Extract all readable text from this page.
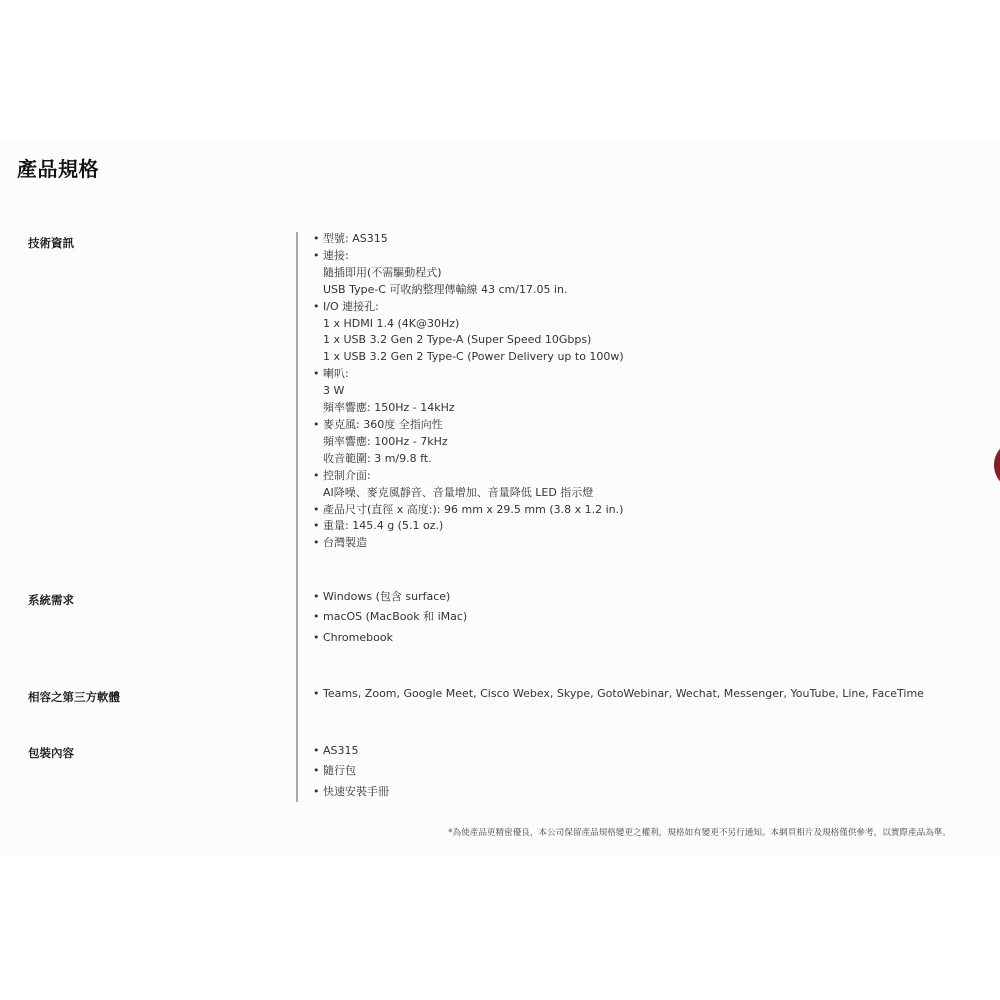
產品規格
技術資訊	• 型號: AS315
• 連接:
隨插即用(不需驅動程式)
USB Type-C 可收納整理傳輸線 43 cm/17.05 in.
• I/O 連接孔:
1 x HDMI 1.4 (4K@30Hz)
1 x USB 3.2 Gen 2 Type-A (Super Speed 10Gbps)
1 x USB 3.2 Gen 2 Type-C (Power Delivery up to 100w)
• 喇叭:
3 W
頻率響應: 150Hz - 14kHz
• 麥克風: 360度 全指向性
頻率響應: 100Hz - 7kHz
收音範圍: 3 m/9.8 ft.
• 控制介面:
AI降噪、麥克風靜音、音量增加、音量降低 LED 指示燈
• 產品尺寸(直徑 x 高度:): 96 mm x 29.5 mm (3.8 x 1.2 in.)
• 重量: 145.4 g (5.1 oz.)
• 台灣製造
系統需求	• Windows (包含 surface)
• macOS (MacBook 和 iMac)
• Chromebook
相容之第三方軟體	• Teams, Zoom, Google Meet, Cisco Webex, Skype, GotoWebinar, Wechat, Messenger, YouTube, Line, FaceTime
包裝內容	• AS315
• 隨行包
• 快速安裝手冊
*為使產品更精密優良，本公司保留產品規格變更之權利，規格如有變更不另行通知。本網頁相片及規格僅供參考，以實際產品為準。
